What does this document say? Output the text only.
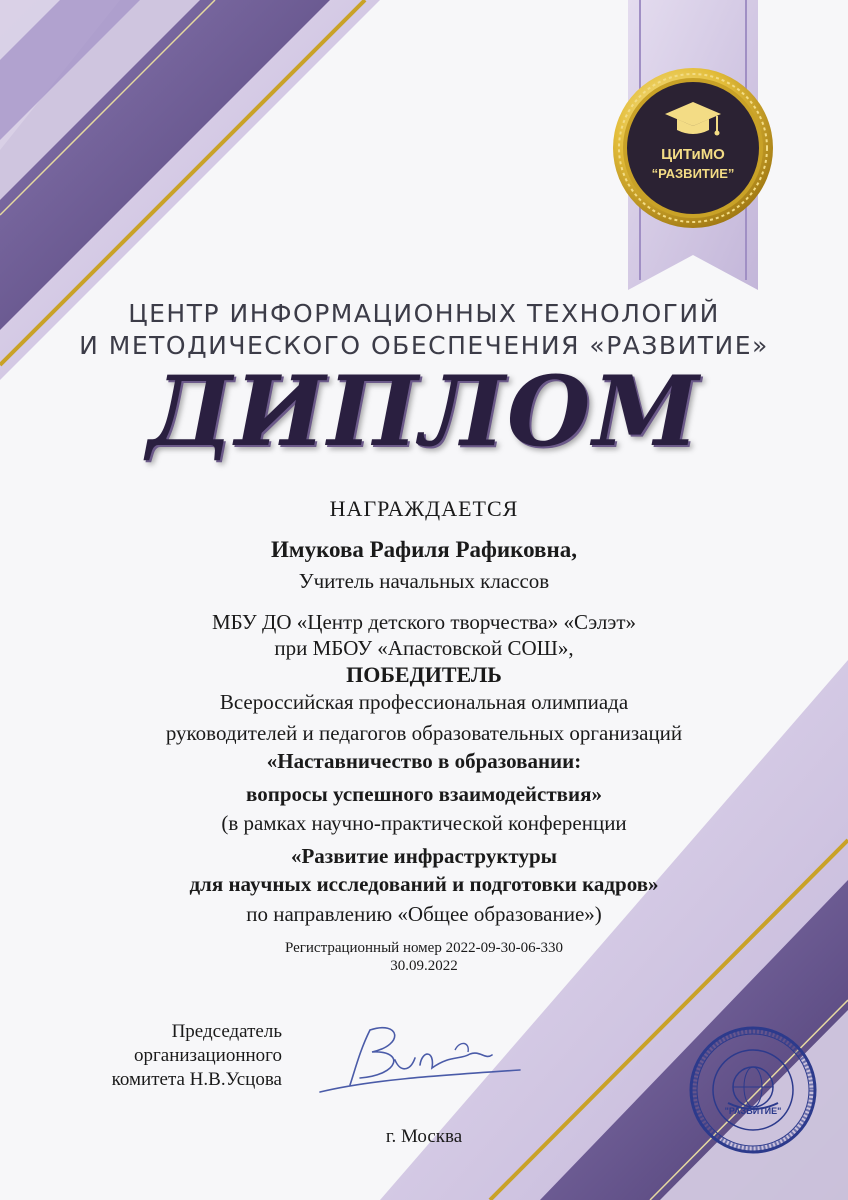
ЦИТиМО
“РАЗВИТИЕ”
ЦЕНТР ИНФОРМАЦИОННЫХ ТЕХНОЛОГИЙ
И МЕТОДИЧЕСКОГО ОБЕСПЕЧЕНИЯ «РАЗВИТИЕ»
ДИПЛОМ
НАГРАЖДАЕТСЯ
Имукова Рафиля Рафиковна,
Учитель начальных классов
МБУ ДО «Центр детского творчества» «Сэлэт»
при МБОУ «Апастовской СОШ»,
ПОБЕДИТЕЛЬ
Всероссийская профессиональная олимпиада
руководителей и педагогов образовательных организаций
«Наставничество в образовании:
вопросы успешного взаимодействия»
(в рамках научно-практической конференции
«Развитие инфраструктуры
для научных исследований и подготовки кадров»
по направлению «Общее образование»)
Регистрационный номер 2022-09-30-06-330
30.09.2022
Председатель
организационного
комитета Н.В.Усцова
"РАЗВИТИЕ"
г. Москва
